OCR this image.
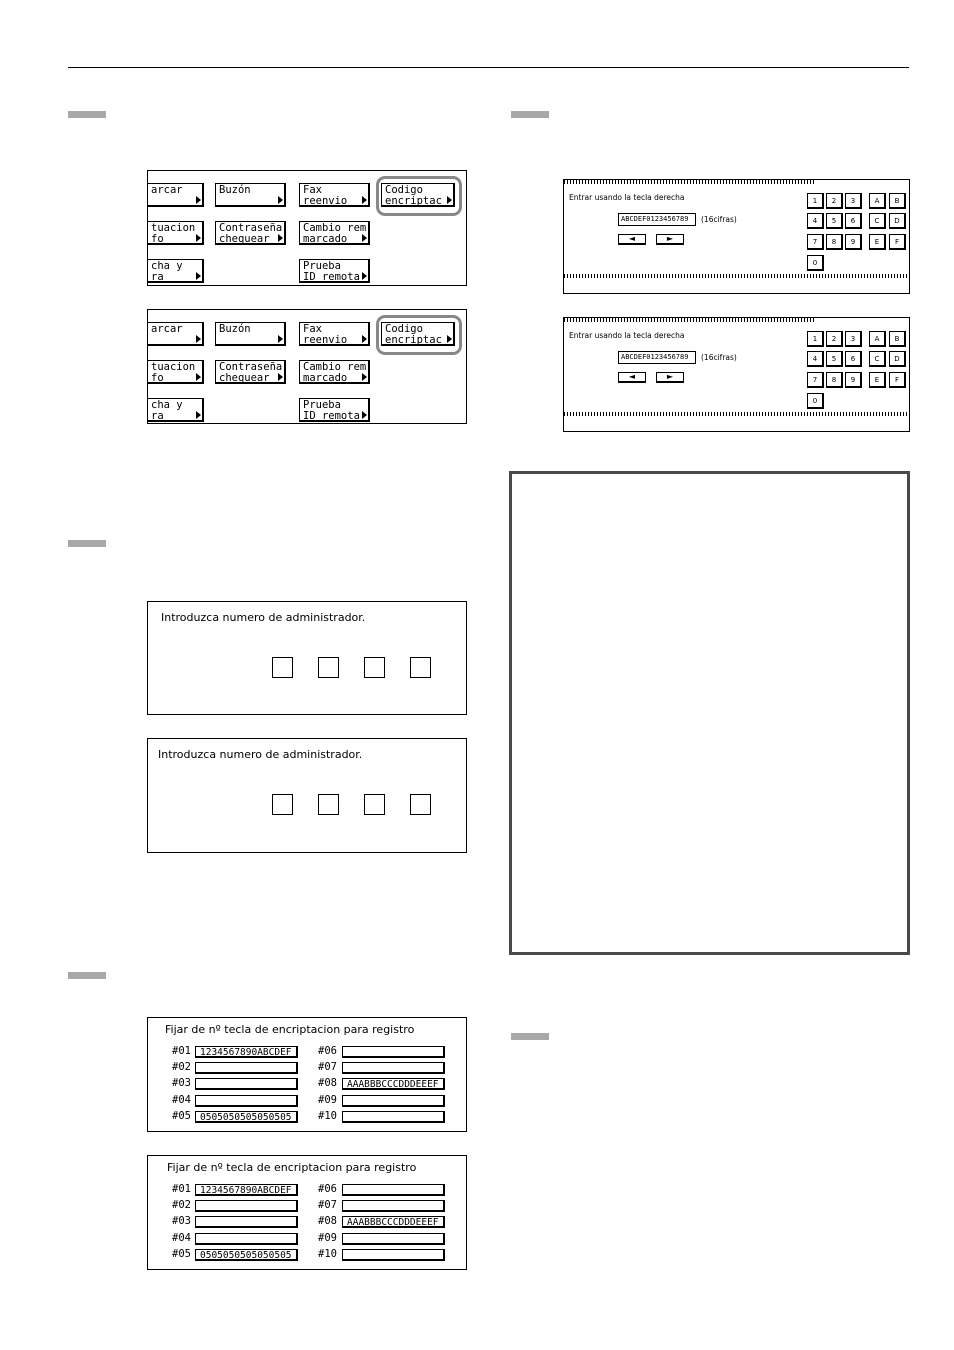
arcar	Buzón	Fax
reenvio
Codigo
encriptac
tuacion
fo
Contraseña
chequear
Cambio rem
marcado
cha y
ra
Prueba
ID remota
arcar	Buzón	Fax
reenvio
Codigo
encriptac
tuacion
fo
Contraseña
chequear
Cambio rem
marcado
cha y
ra
Prueba
ID remota
Introduzca numero de administrador.
Introduzca numero de administrador.
Fijar de nº tecla de encriptacion para registro
#01 1234567890ABCDEF
#02
#03
#04
#05 0505050505050505
#06
#07
#08	AAABBBCCCDDDEEEF
#09
#10
Fijar de nº tecla de encriptacion para registro
#01 1234567890ABCDEF
#02
#03
#04
#05 0505050505050505
#06
#07
#08	AAABBBCCCDDDEEEF
#09
#10
Entrar usando la tecla derecha
ABCDEF0123456789	(16cifras)
◄	►
1	2	3	A	B
4	5	6	C	D
7	8	9	E	F
0
Entrar usando la tecla derecha
ABCDEF0123456789	(16cifras)
◄	►
1	2	3	A	B
4	5	6	C	D
7	8	9	E	F
0
